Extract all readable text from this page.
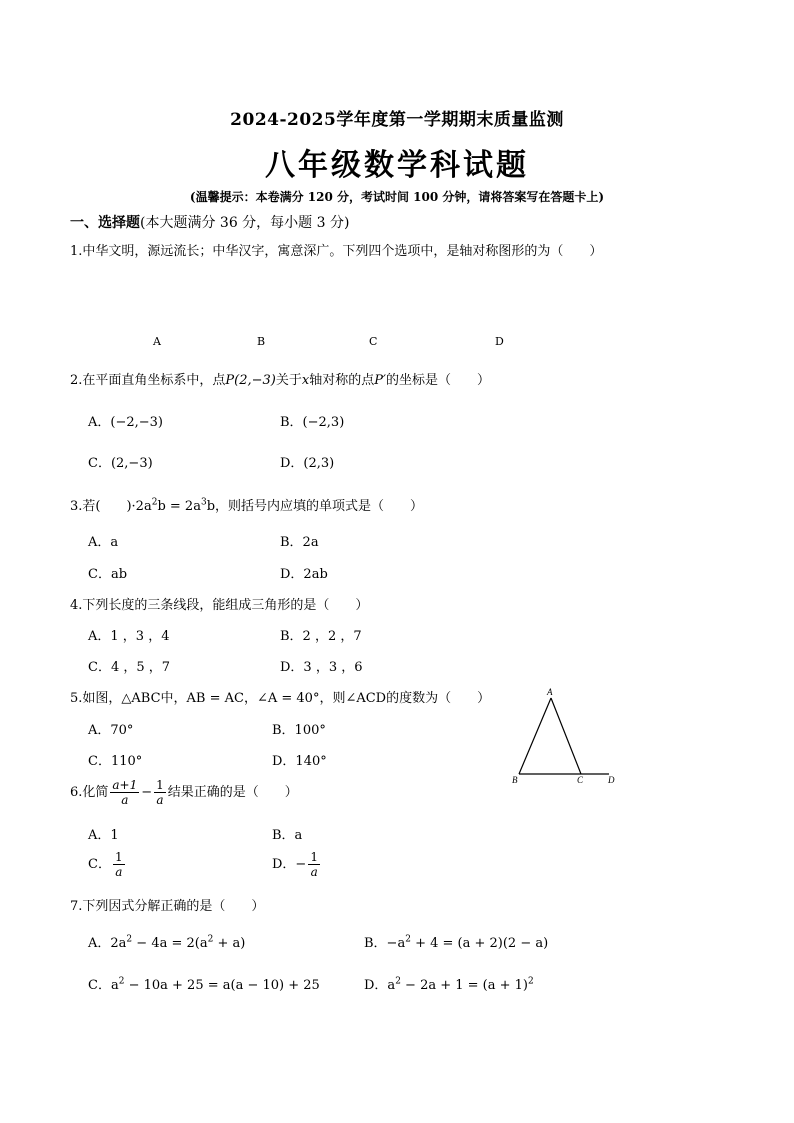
2024-2025学年度第一学期期末质量监测
八年级数学科试题
(温馨提示：本卷满分 120 分，考试时间 100 分钟，请将答案写在答题卡上)
一、选择题(本大题满分 36 分，每小题 3 分)
1.中华文明，源远流长；中华汉字，寓意深广。下列四个选项中，是轴对称图形的为（　　）
A	B	C	D
2.在平面直角坐标系中，点P(2,−3)关于x轴对称的点P′的坐标是（　　）
A．(−2,−3)	B．(−2,3)
C．(2,−3)	D．(2,3)
3.若(　　)$\cdot 2a^2b = 2a^3b$，则括号内应填的单项式是（　　）
A．a	B．2a
C．ab	D．2ab
4.下列长度的三条线段，能组成三角形的是（　　）
A．1 ，3 ，4	B．2 ，2 ，7
C．4 ，5 ，7	D．3 ，3 ，6
5.如图，△ABC中，AB = AC，∠A = 40°，则∠ACD的度数为（　　）
A．70°	B．100°
C．110°	D．140°
A
B	C	D
6.化简 $\frac{a+1}{a} - \frac{1}{a}$ 结果正确的是（　　）
A．1	B．a
C． $\frac{1}{a}$	D．− $\frac{1}{a}$
7.下列因式分解正确的是（　　）
A．$2a^2 - 4a = 2(a^2 + a)$	B．$-a^2 + 4 = (a + 2)(2 - a)$
C．$a^2 - 10a + 25 = a(a - 10) + 25$	D．$a^2 - 2a + 1 = (a + 1)^2$
